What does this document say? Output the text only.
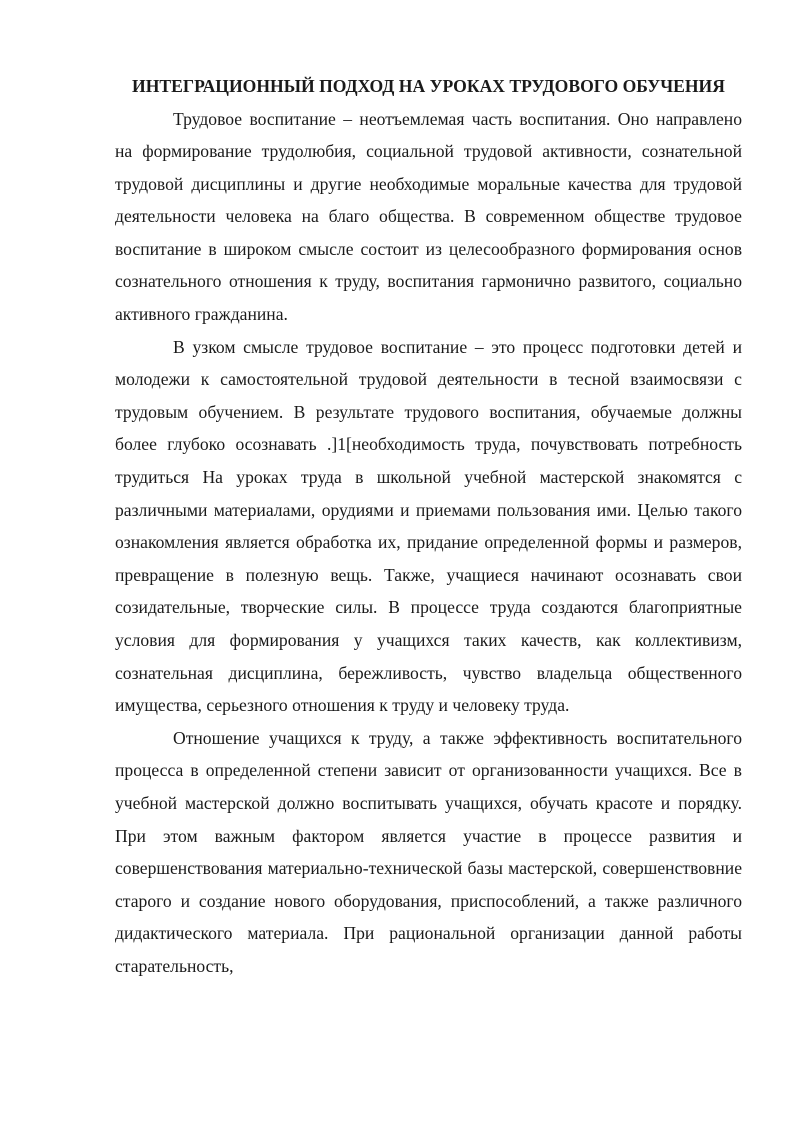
ИНТЕГРАЦИОННЫЙ ПОДХОД НА УРОКАХ ТРУДОВОГО ОБУЧЕНИЯ

Трудовое воспитание – неотъемлемая часть воспитания. Оно направлено на формирование трудолюбия, социальной трудовой активности, сознательной трудовой дисциплины и другие необходимые моральные качества для трудовой деятельности человека на благо общества. В современном обществе трудовое воспитание в широком смысле состоит из целесообразного формирования основ сознательного отношения к труду, воспитания гармонично развитого, социально активного гражданина.

В узком смысле трудовое воспитание – это процесс подготовки детей и молодежи к самостоятельной трудовой деятельности в тесной взаимосвязи с трудовым обучением. В результате трудового воспитания, обучаемые должны более глубоко осознавать .]1[необходимость труда, почувствовать потребность трудиться На уроках труда в школьной учебной мастерской знакомятся с различными материалами, орудиями и приемами пользования ими. Целью такого ознакомления является обработка их, придание определенной формы и размеров, превращение в полезную вещь. Также, учащиеся начинают осознавать свои созидательные, творческие силы. В процессе труда создаются благоприятные условия для формирования у учащихся таких качеств, как коллективизм, сознательная дисциплина, бережливость, чувство владельца общественного имущества, серьезного отношения к труду и человеку труда.

Отношение учащихся к труду, а также эффективность воспитательного процесса в определенной степени зависит от организованности учащихся. Все в учебной мастерской должно воспитывать учащихся, обучать красоте и порядку. При этом важным фактором является участие в процессе развития и совершенствования материально-технической базы мастерской, совершенствовние старого и создание нового оборудования, приспособлений, а также различного дидактического материала. При рациональной организации данной работы старательность,
